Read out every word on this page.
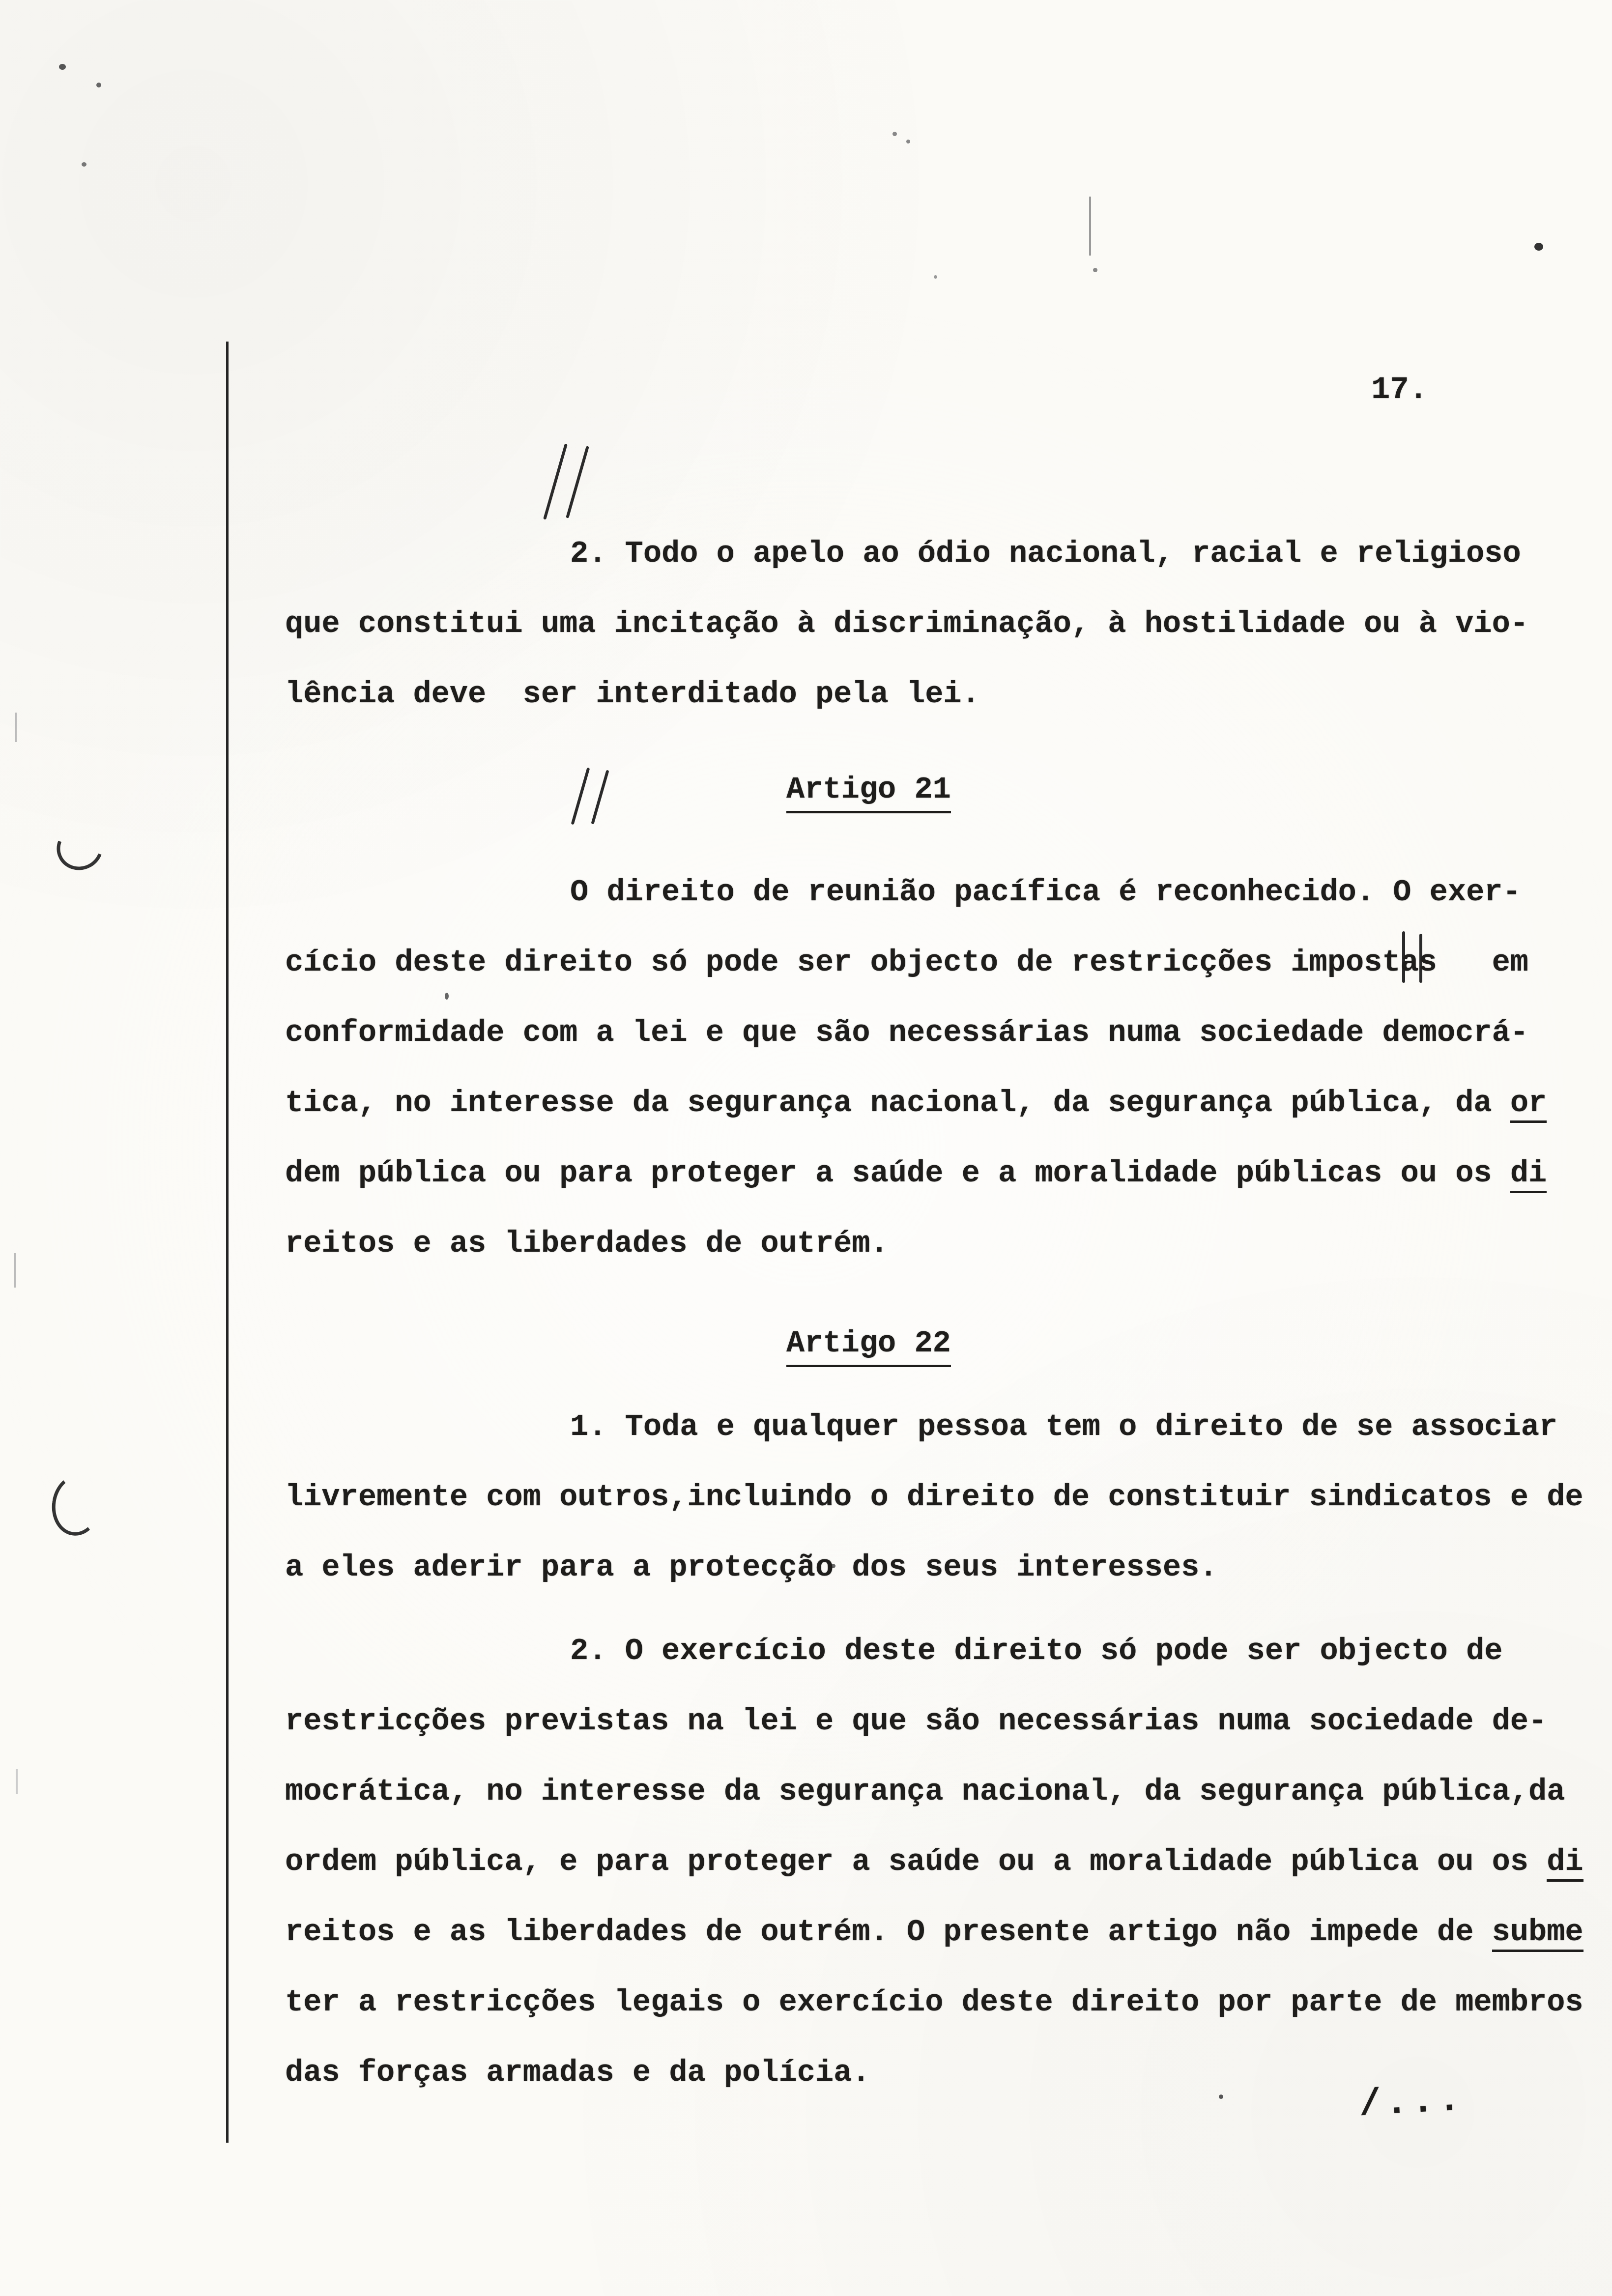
17.
2. Todo o apelo ao ódio nacional, racial e religioso
que constitui uma incitação à discriminação, à hostilidade ou à vio-
lência deve  ser interditado pela lei.
Artigo 21
O direito de reunião pacífica é reconhecido. O exer-
cício deste direito só pode ser objecto de restricções impostas   em
conformidade com a lei e que são necessárias numa sociedade democrá-
tica, no interesse da segurança nacional, da segurança pública, da or
dem pública ou para proteger a saúde e a moralidade públicas ou os di
reitos e as liberdades de outrém.
Artigo 22
1. Toda e qualquer pessoa tem o direito de se associar
livremente com outros,incluindo o direito de constituir sindicatos e de
a eles aderir para a protecção dos seus interesses.
2. O exercício deste direito só pode ser objecto de
restricções previstas na lei e que são necessárias numa sociedade de-
mocrática, no interesse da segurança nacional, da segurança pública,da
ordem pública, e para proteger a saúde ou a moralidade pública ou os di
reitos e as liberdades de outrém. O presente artigo não impede de subme
ter a restricções legais o exercício deste direito por parte de membros
das forças armadas e da polícia.
/...
